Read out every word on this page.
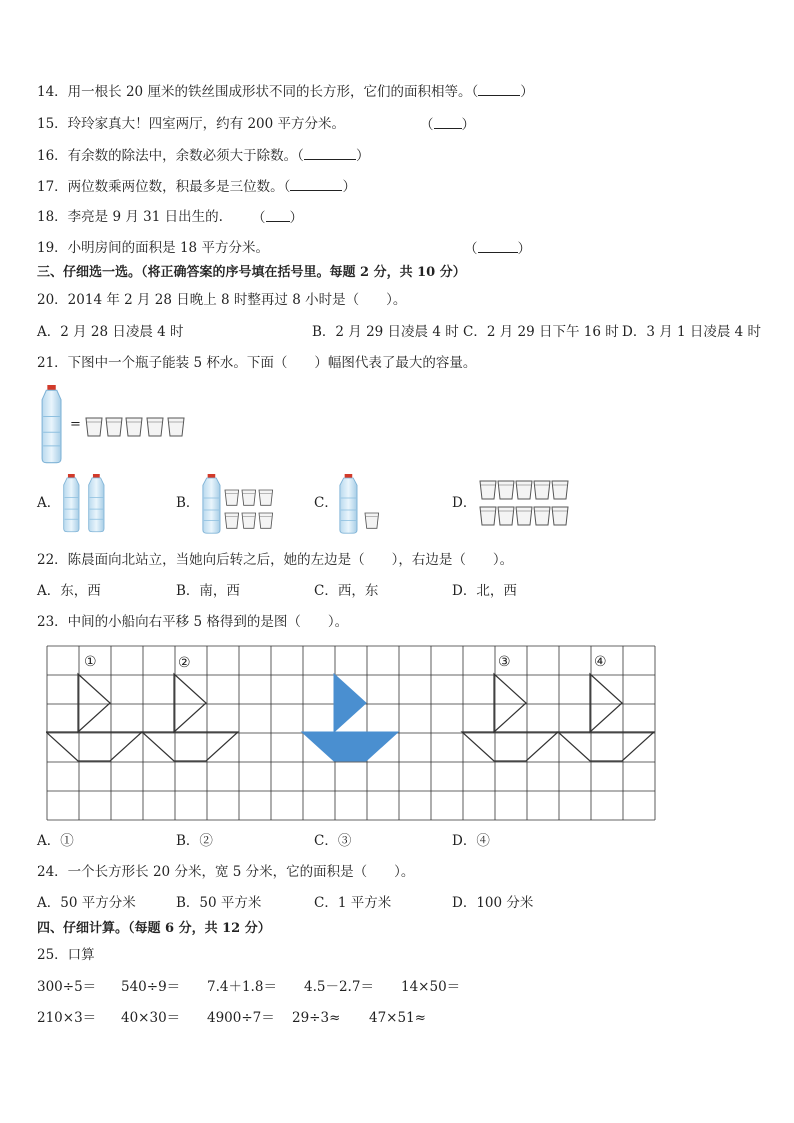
14．用一根长 20 厘米的铁丝围成形状不同的长方形，它们的面积相等。（	）
15．玲玲家真大！四室两厅，约有 200 平方分米。	（ ）
16．有余数的除法中，余数必须大于除数。（	）
17．两位数乘两位数，积最多是三位数。（	）
18．李亮是 9 月 31 日出生的. （ ）
19．小明房间的面积是 18 平方分米。	（	）
三、仔细选一选。（将正确答案的序号填在括号里。每题 2 分，共 10 分）
20．2014 年 2 月 28 日晚上 8 时整再过 8 小时是（　　）。
A．2 月 28 日凌晨 4 时	B．2 月 29 日凌晨 4 时 C．2 月 29 日下午 16 时 D．3 月 1 日凌晨 4 时
21．下图中一个瓶子能装 5 杯水。下面（　　）幅图代表了最大的容量。
=
A．	B．	C．	D．
22．陈晨面向北站立，当她向后转之后，她的左边是（　　），右边是（　　）。
A．东，西	B．南，西	C．西，东	D．北，西
23．中间的小船向右平移 5 格得到的是图（　　）。
①	②	③	④
A．①	B．②	C．③	D．④
24．一个长方形长 20 分米，宽 5 分米，它的面积是（　　）。
A．50 平方分米	B．50 平方米	C．1 平方米	D．100 分米
四、仔细计算。（每题 6 分，共 12 分）
25．口算
300÷5＝ 540÷9＝ 7.4＋1.8＝ 4.5－2.7＝ 14×50＝
210×3＝ 40×30＝ 4900÷7＝ 29÷3≈ 47×51≈
